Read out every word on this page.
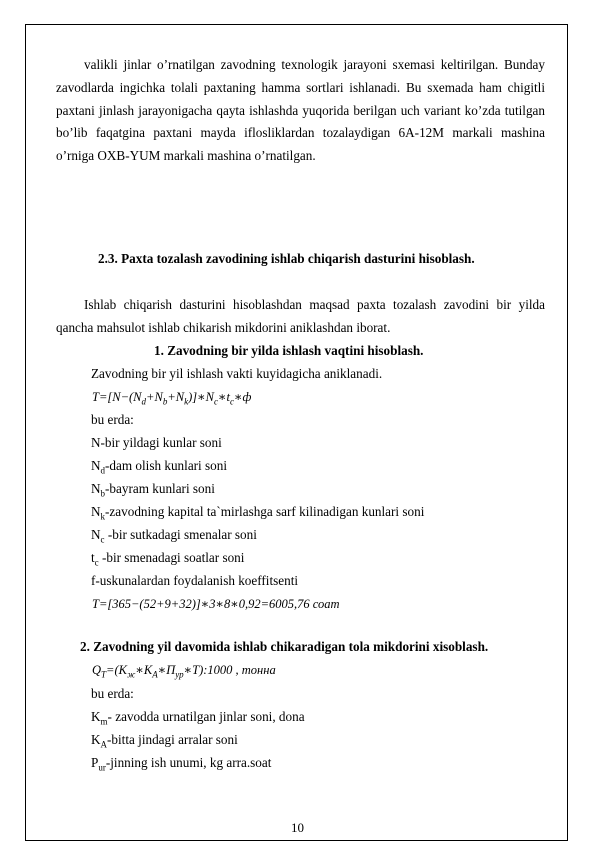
valikli jinlar o’rnatilgan zavodning texnologik jarayoni sxemasi keltirilgan. Bunday zavodlarda ingichka tolali paxtaning hamma sortlari ishlanadi. Bu sxemada ham chigitli paxtani jinlash jarayonigacha qayta ishlashda yuqorida berilgan uch variant ko’zda tutilgan bo’lib faqatgina paxtani mayda iflosliklardan tozalaydigan 6A-12M markali mashina o’rniga OXB-YUM markali mashina o’rnatilgan.
2.3. Paxta tozalash zavodining ishlab chiqarish dasturini hisoblash.
Ishlab chiqarish dasturini hisoblashdan maqsad paxta tozalash zavodini bir yilda qancha mahsulot ishlab chikarish mikdorini aniklashdan iborat.
1. Zavodning bir yilda ishlash vaqtini hisoblash.
Zavodning bir yil ishlash vakti kuyidagicha aniklanadi.
$T=[N-(N_d+N_b+N_k)]∗N_c∗t_c∗ф$
bu erda:
N-bir yildagi kunlar soni
$N_d$-dam olish kunlari soni
$N_b$-bayram kunlari soni
$N_k$-zavodning kapital ta`mirlashga sarf kilinadigan kunlari soni
$N_c$ -bir sutkadagi smenalar soni
$t_c$ -bir smenadagi soatlar soni
f-uskunalardan foydalanish koeffitsenti
T=[365−(52+9+32)]∗3∗8∗0,92=6005,76 соат
2. Zavodning yil davomida ishlab chikaradigan tola mikdorini xisoblash.
$Q_T=(K_ж∗K_А∗П_{ур}∗T):1000$ , тонна
bu erda:
$K_m-$ zavodda urnatilgan jinlar soni, dona
$K_A$-bitta jindagi arralar soni
$P_{ur}$-jinning ish unumi, kg arra.soat
10
